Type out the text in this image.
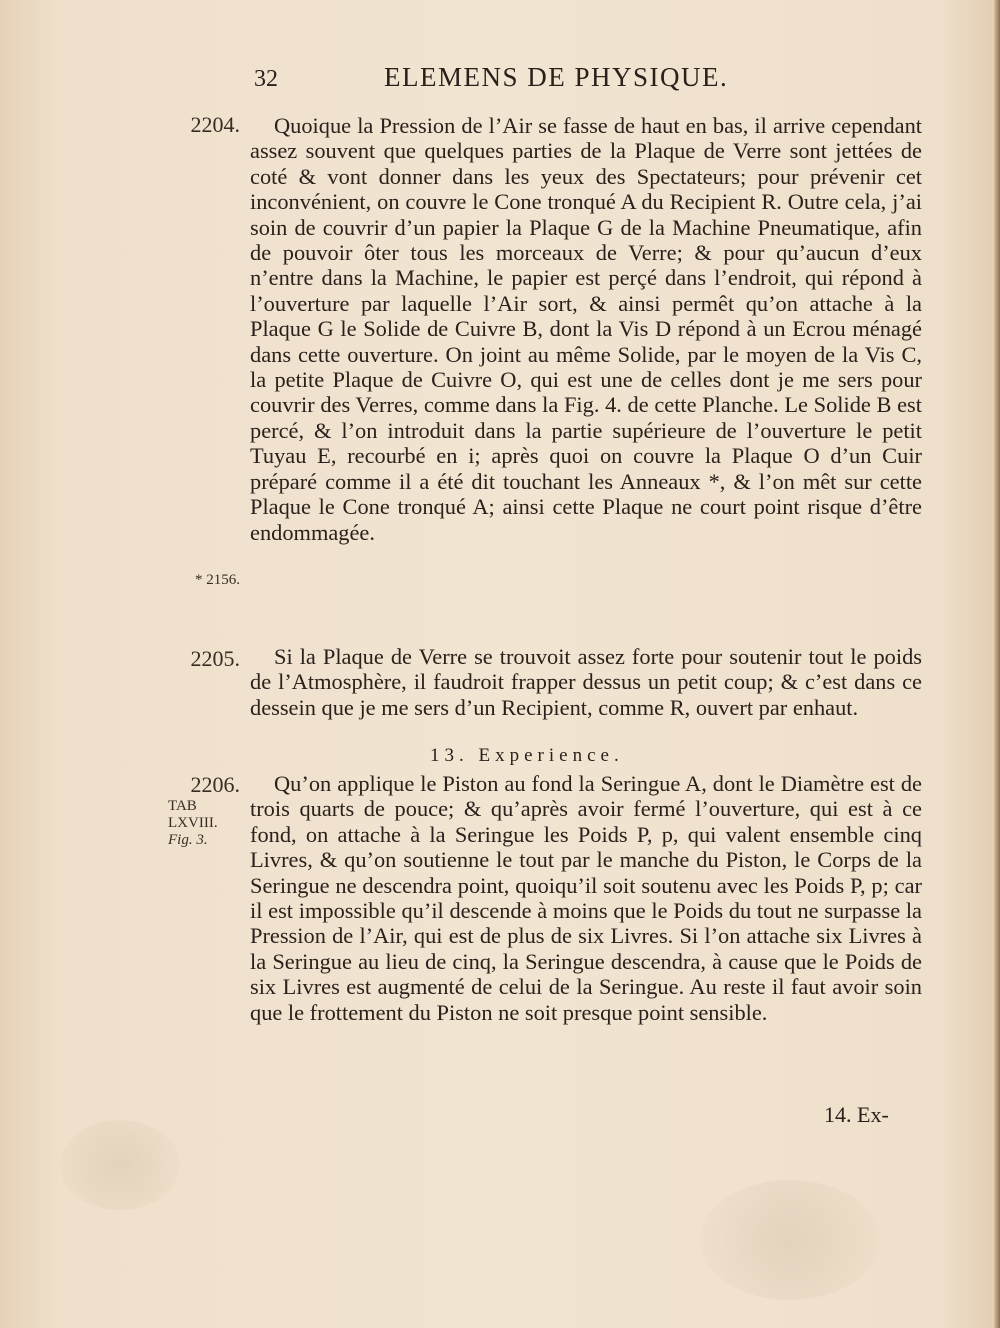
32	ELEMENS DE PHYSIQUE.
2204.
* 2156.
2205.
2206.
TAB
LXVIII.
Fig. 3.

Quoique la Pression de l’Air se fasse de haut en bas, il arrive cependant assez souvent que quelques parties de la Plaque de Verre sont jettées de coté & vont donner dans les yeux des Spectateurs; pour prévenir cet inconvénient, on couvre le Cone tronqué A du Recipient R. Outre cela, j’ai soin de couvrir d’un papier la Plaque G de la Machine Pneumatique, afin de pouvoir ôter tous les morceaux de Verre; & pour qu’aucun d’eux n’entre dans la Machine, le papier est perçé dans l’endroit, qui répond à l’ouverture par laquelle l’Air sort, & ainsi permêt qu’on attache à la Plaque G le Solide de Cuivre B, dont la Vis D répond à un Ecrou ménagé dans cette ouverture. On joint au même Solide, par le moyen de la Vis C, la petite Plaque de Cuivre O, qui est une de celles dont je me sers pour couvrir des Verres, comme dans la Fig. 4. de cette Planche. Le Solide B est percé, & l’on introduit dans la partie supérieure de l’ouverture le petit Tuyau E, recourbé en i; après quoi on couvre la Plaque O d’un Cuir préparé comme il a été dit touchant les Anneaux *, & l’on mêt sur cette Plaque le Cone tronqué A; ainsi cette Plaque ne court point risque d’être endommagée.

Si la Plaque de Verre se trouvoit assez forte pour soutenir tout le poids de l’Atmosphère, il faudroit frapper dessus un petit coup; & c’est dans ce dessein que je me sers d’un Recipient, comme R, ouvert par enhaut.

13. Experience.

Qu’on applique le Piston au fond la Seringue A, dont le Diamètre est de trois quarts de pouce; & qu’après avoir fermé l’ouverture, qui est à ce fond, on attache à la Seringue les Poids P, p, qui valent ensemble cinq Livres, & qu’on soutienne le tout par le manche du Piston, le Corps de la Seringue ne descendra point, quoiqu’il soit soutenu avec les Poids P, p; car il est impossible qu’il descende à moins que le Poids du tout ne surpasse la Pression de l’Air, qui est de plus de six Livres. Si l’on attache six Livres à la Seringue au lieu de cinq, la Seringue descendra, à cause que le Poids de six Livres est augmenté de celui de la Seringue. Au reste il faut avoir soin que le frottement du Piston ne soit presque point sensible.

14. Ex-
